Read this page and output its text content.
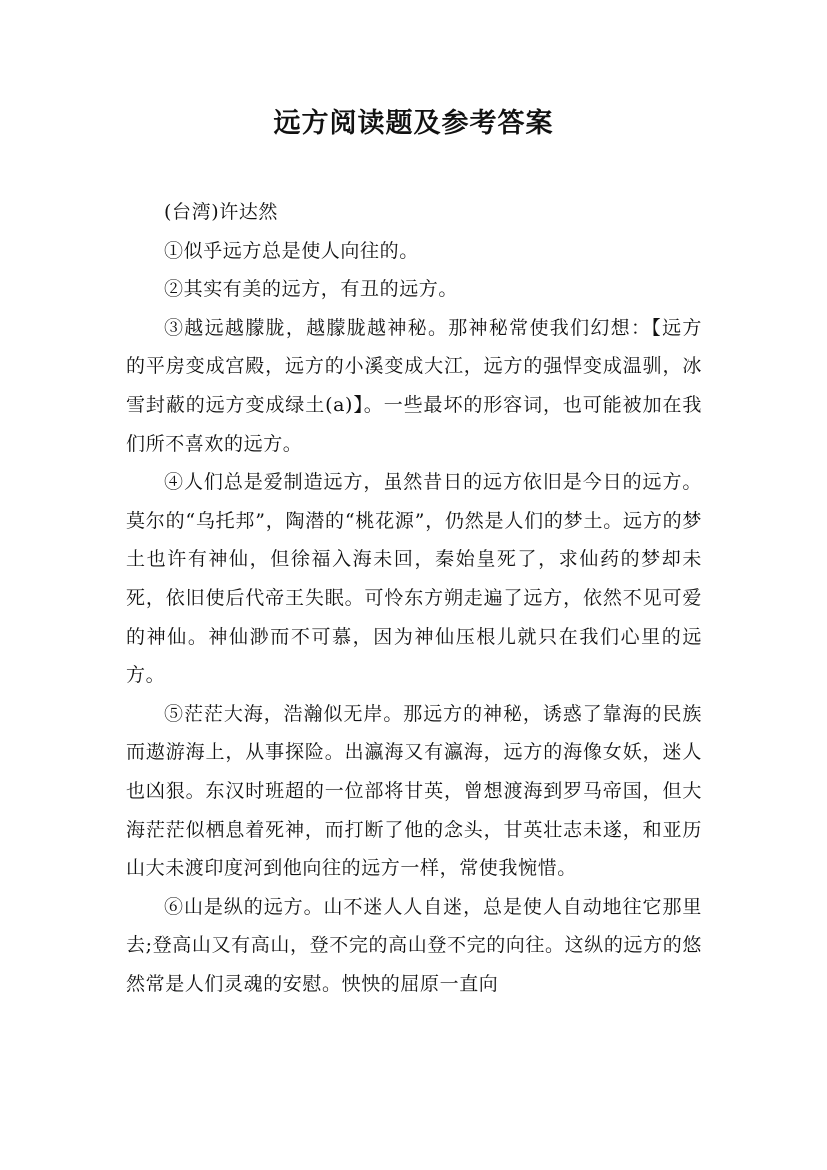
远方阅读题及参考答案

(台湾)许达然

①似乎远方总是使人向往的。

②其实有美的远方，有丑的远方。

③越远越朦胧，越朦胧越神秘。那神秘常使我们幻想：【远方的平房变成宫殿，远方的小溪变成大江，远方的强悍变成温驯，冰雪封蔽的远方变成绿土(a)】。一些最坏的形容词，也可能被加在我们所不喜欢的远方。

④人们总是爱制造远方，虽然昔日的远方依旧是今日的远方。莫尔的“乌托邦”，陶潜的“桃花源”，仍然是人们的梦土。远方的梦土也许有神仙，但徐福入海未回，秦始皇死了，求仙药的梦却未死，依旧使后代帝王失眠。可怜东方朔走遍了远方，依然不见可爱的神仙。神仙渺而不可慕，因为神仙压根儿就只在我们心里的远方。

⑤茫茫大海，浩瀚似无岸。那远方的神秘，诱惑了靠海的民族而遨游海上，从事探险。出瀛海又有瀛海，远方的海像女妖，迷人也凶狠。东汉时班超的一位部将甘英，曾想渡海到罗马帝国，但大海茫茫似栖息着死神，而打断了他的念头，甘英壮志未遂，和亚历山大未渡印度河到他向往的远方一样，常使我惋惜。

⑥山是纵的远方。山不迷人人自迷，总是使人自动地往它那里去;登高山又有高山，登不完的高山登不完的向往。这纵的远方的悠然常是人们灵魂的安慰。怏怏的屈原一直向
